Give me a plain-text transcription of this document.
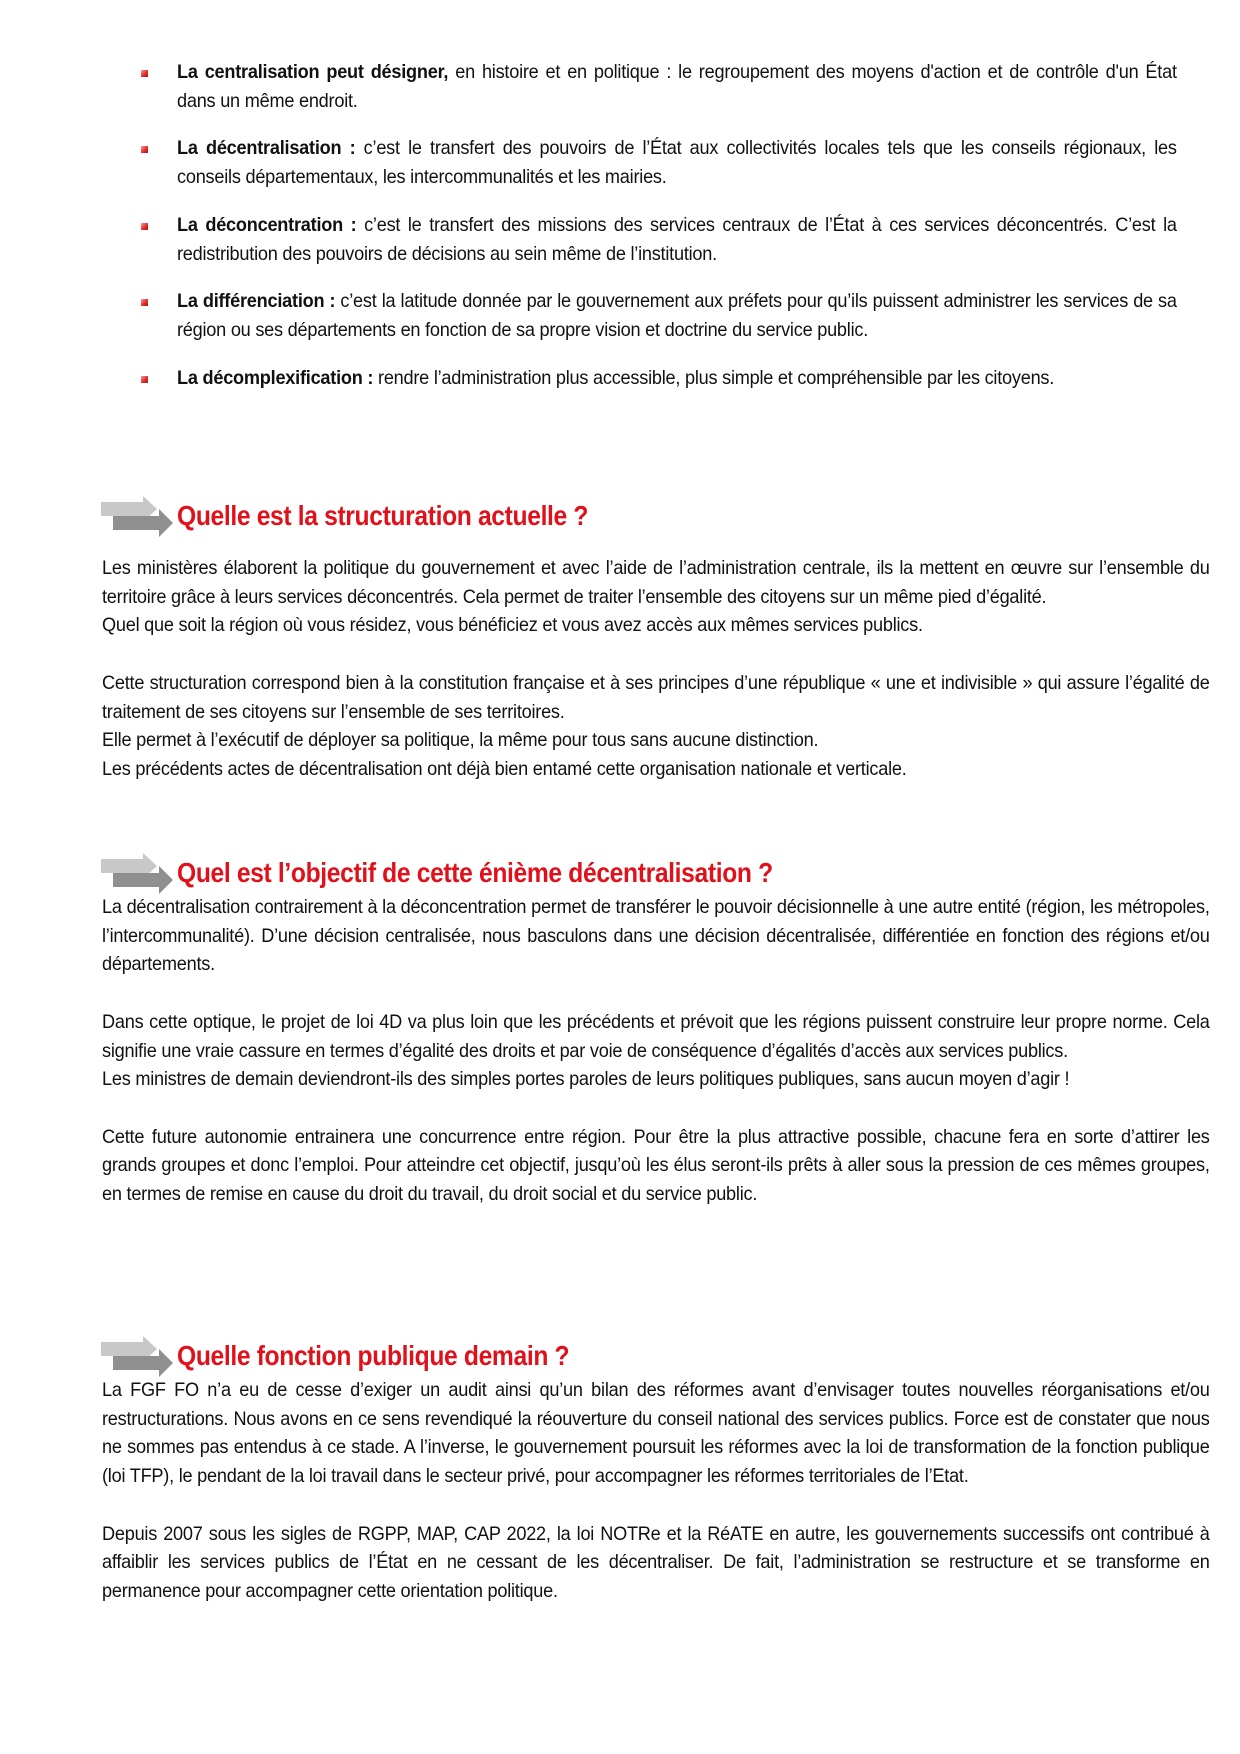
La centralisation peut désigner, en histoire et en politique : le regroupement des moyens d'action et de contrôle d'un État dans un même endroit.
La décentralisation : c’est le transfert des pouvoirs de l’État aux collectivités locales tels que les conseils régionaux, les conseils départementaux, les intercommunalités et les mairies.
La déconcentration : c’est le transfert des missions des services centraux de l’État à ces services déconcentrés. C’est la redistribution des pouvoirs de décisions au sein même de l’institution.
La différenciation : c’est la latitude donnée par le gouvernement aux préfets pour qu’ils puissent administrer les services de sa région ou ses départements en fonction de sa propre vision et doctrine du service public.
La décomplexification : rendre l’administration plus accessible, plus simple et compréhensible par les citoyens.
Quelle est la structuration actuelle ?

Les ministères élaborent la politique du gouvernement et avec l’aide de l’administration centrale, ils la mettent en œuvre sur l’ensemble du territoire grâce à leurs services déconcentrés. Cela permet de traiter l’ensemble des citoyens sur un même pied d’égalité.

Quel que soit la région où vous résidez, vous bénéficiez et vous avez accès aux mêmes services publics.

Cette structuration correspond bien à la constitution française et à ses principes d’une république « une et indivisible » qui assure l’égalité de traitement de ses citoyens sur l’ensemble de ses territoires.

Elle permet à l’exécutif de déployer sa politique, la même pour tous sans aucune distinction.

Les précédents actes de décentralisation ont déjà bien entamé cette organisation nationale et verticale.

Quel est l’objectif de cette énième décentralisation ?

La décentralisation contrairement à la déconcentration permet de transférer le pouvoir décisionnelle à une autre entité (région, les métropoles, l’intercommunalité). D’une décision centralisée, nous basculons dans une décision décentralisée, différentiée en fonction des régions et/ou départements.

Dans cette optique, le projet de loi 4D va plus loin que les précédents et prévoit que les régions puissent construire leur propre norme. Cela signifie une vraie cassure en termes d’égalité des droits et par voie de conséquence d’égalités d’accès aux services publics.

Les ministres de demain deviendront-ils des simples portes paroles de leurs politiques publiques, sans aucun moyen d’agir !

Cette future autonomie entrainera une concurrence entre région. Pour être la plus attractive possible, chacune fera en sorte d’attirer les grands groupes et donc l’emploi. Pour atteindre cet objectif, jusqu’où les élus seront-ils prêts à aller sous la pression de ces mêmes groupes, en termes de remise en cause du droit du travail, du droit social et du service public.

Quelle fonction publique demain ?

La FGF FO n’a eu de cesse d’exiger un audit ainsi qu’un bilan des réformes avant d’envisager toutes nouvelles réorganisations et/ou restructurations. Nous avons en ce sens revendiqué la réouverture du conseil national des services publics. Force est de constater que nous ne sommes pas entendus à ce stade. A l’inverse, le gouvernement poursuit les réformes avec la loi de transformation de la fonction publique (loi TFP), le pendant de la loi travail dans le secteur privé, pour accompagner les réformes territoriales de l’Etat.

Depuis 2007 sous les sigles de RGPP, MAP, CAP 2022, la loi NOTRe et la RéATE en autre, les gouvernements successifs ont contribué à affaiblir les services publics de l’État en ne cessant de les décentraliser. De fait, l’administration se restructure et se transforme en permanence pour accompagner cette orientation politique.
